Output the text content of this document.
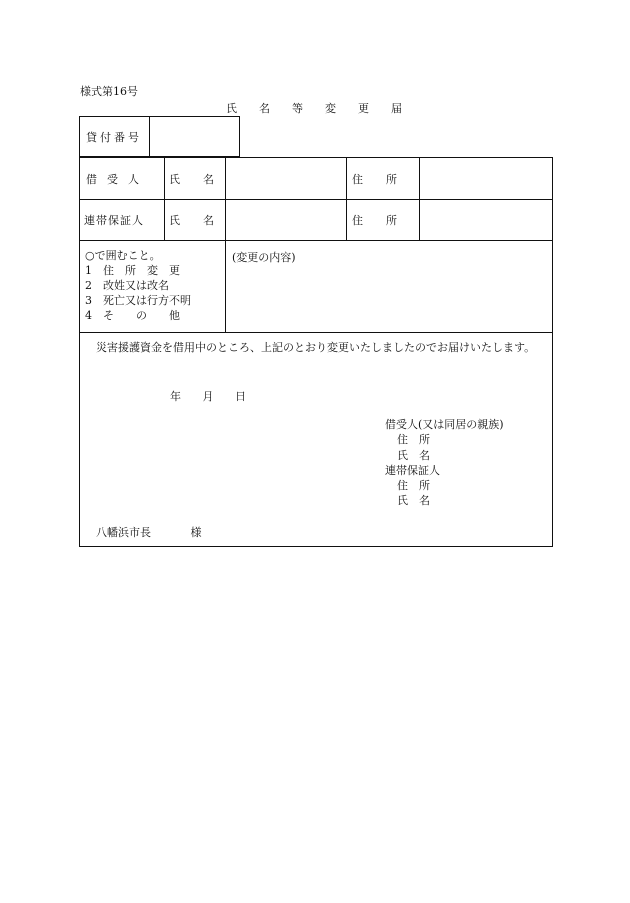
様式第16号
氏名等変更届
貸付番号
借受人	氏　名	住　所
連帯保証人	氏　名	住　所
○で囲むこと。
1　住　所　変　更
2　改姓又は改名
3　死亡又は行方不明
4　そ　　の　　他
(変更の内容)
災害援護資金を借用中のところ、上記のとおり変更いたしましたのでお届けいたします。
年 月 日
借受人(又は同居の親族)
住　所
氏　名
連帯保証人
住　所
氏　名
八幡浜市長	様
